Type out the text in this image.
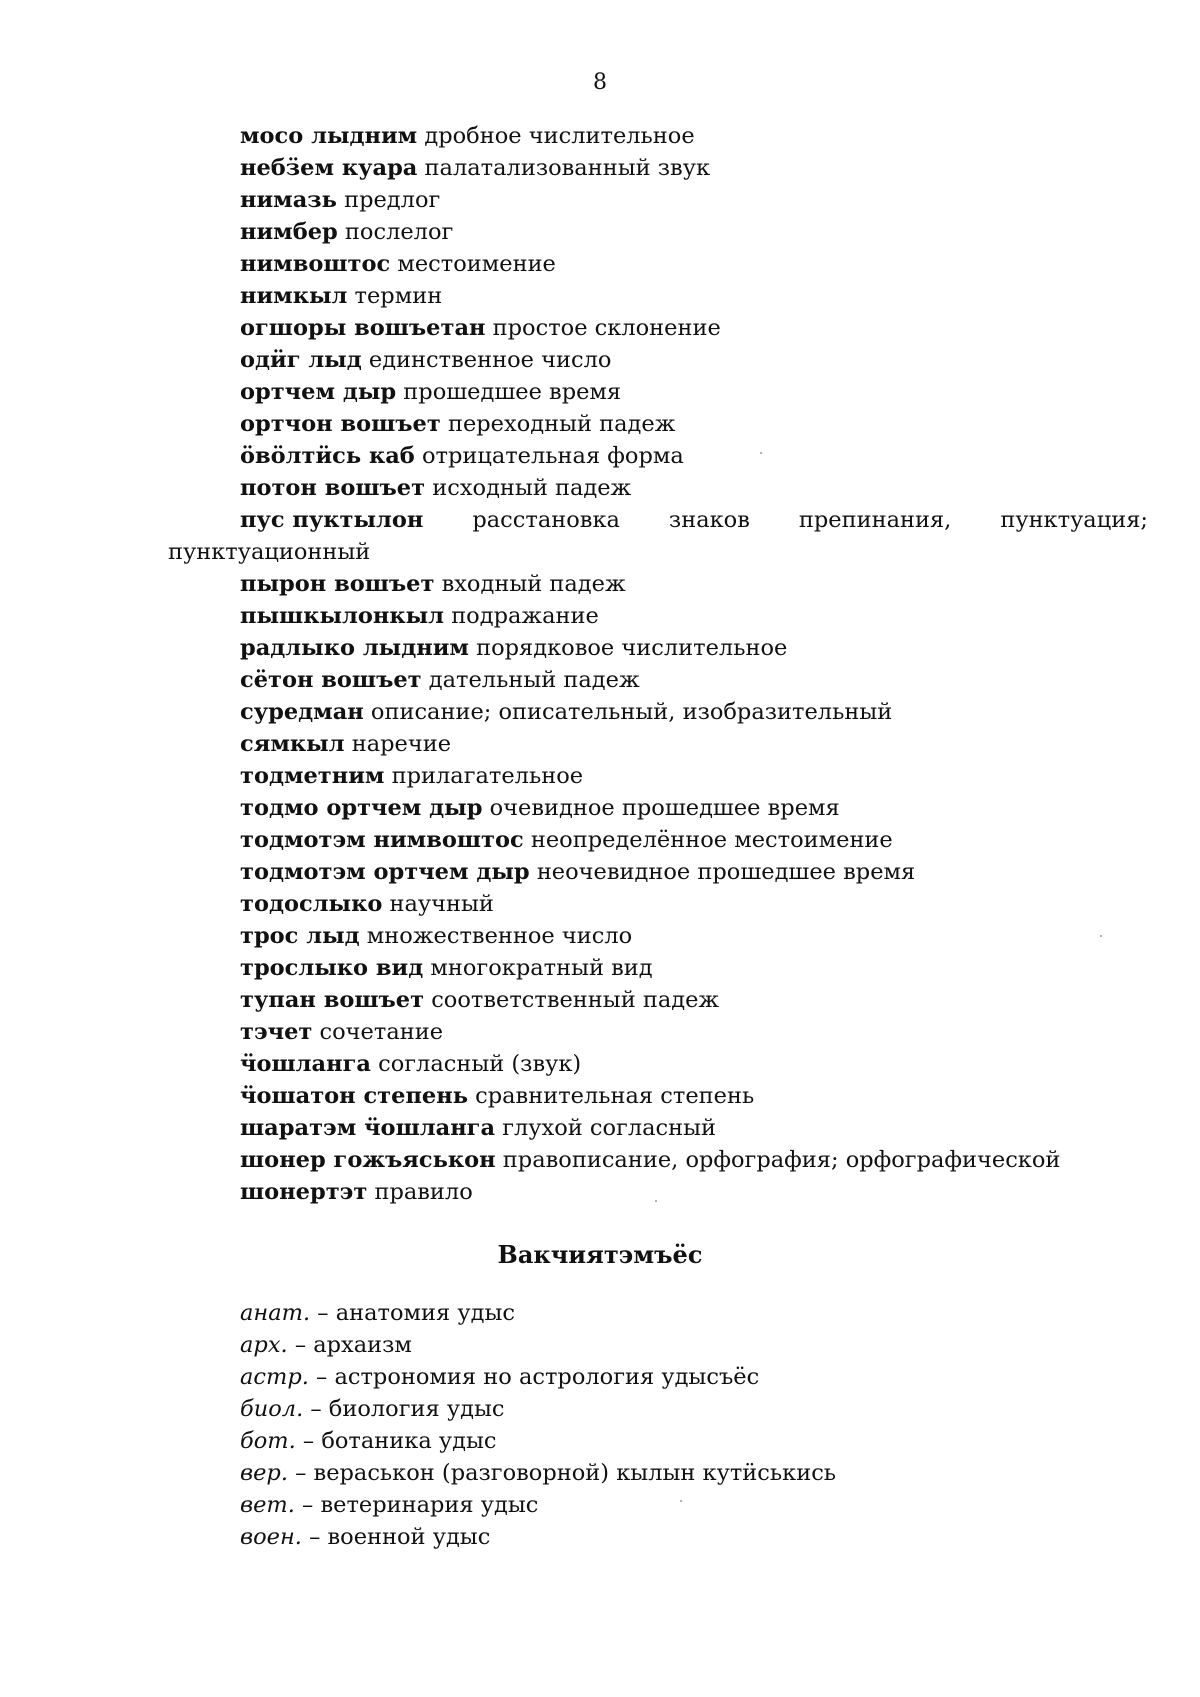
8
мосо лыдним дробное числительное
небӟем куара палатализованный звук
нимазь предлог
нимбер послелог
нимвоштос местоимение
нимкыл термин
огшоры вошъетан простое склонение
одӥг лыд единственное число
ортчем дыр прошедшее время
ортчон вошъет переходный падеж
ӧвӧлтӥсь каб отрицательная форма
потон вошъет исходный падеж
пус пуктылон расстановка знаков препинания, пунктуация;
пунктуационный
пырон вошъет входный падеж
пышкылонкыл подражание
радлыко лыдним порядковое числительное
сётон вошъет дательный падеж
суредман описание; описательный, изобразительный
сямкыл наречие
тодметним прилагательное
тодмо ортчем дыр очевидное прошедшее время
тодмотэм нимвоштос неопределённое местоимение
тодмотэм ортчем дыр неочевидное прошедшее время
тодослыко научный
трос лыд множественное число
трослыко вид многократный вид
тупан вошъет соответственный падеж
тэчет сочетание
ӵошланга согласный (звук)
ӵошатон степень сравнительная степень
шаратэм ӵошланга глухой согласный
шонер гожъяськон правописание, орфография; орфографической
шонертэт правило
Вакчиятэмъёс
анат. – анатомия удыс
арх. – архаизм
астр. – астрономия но астрология удысъёс
биол. – биология удыс
бот. – ботаника удыс
вер. – вераськон (разговорной) кылын кутӥськись
вет. – ветеринария удыс
воен. – военной удыс
